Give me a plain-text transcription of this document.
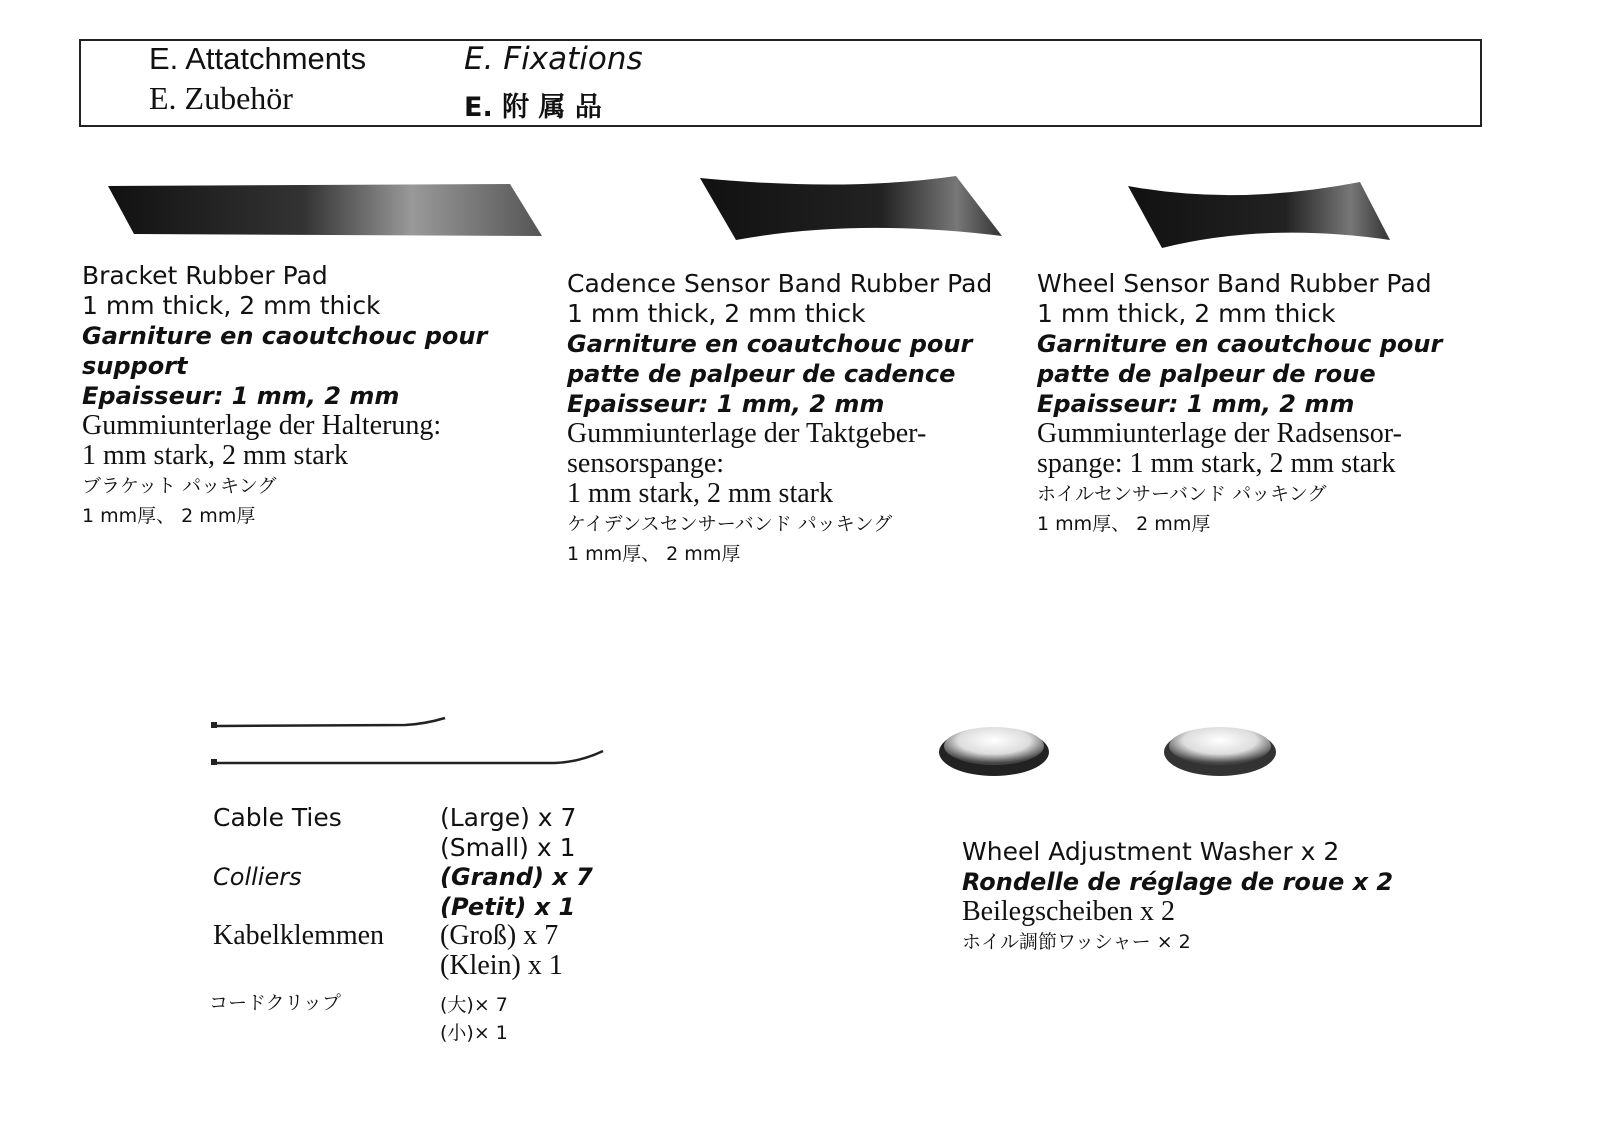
E. Attatchments	E. Fixations
E. Zubehör	E. 附 属 品
Bracket Rubber Pad
1 mm thick, 2 mm thick
Garniture en caoutchouc pour
support
Epaisseur: 1 mm, 2 mm
Gummiunterlage der Halterung:
1 mm stark, 2 mm stark
ブラケット パッキング
1 mm厚、 2 mm厚
Cadence Sensor Band Rubber Pad
1 mm thick, 2 mm thick
Garniture en coautchouc pour
patte de palpeur de cadence
Epaisseur: 1 mm, 2 mm
Gummiunterlage der Taktgeber-
sensorspange:
1 mm stark, 2 mm stark
ケイデンスセンサーバンド パッキング
1 mm厚、 2 mm厚
Wheel Sensor Band Rubber Pad
1 mm thick, 2 mm thick
Garniture en caoutchouc pour
patte de palpeur de roue
Epaisseur: 1 mm, 2 mm
Gummiunterlage der Radsensor-
spange: 1 mm stark, 2 mm stark
ホイルセンサーバンド パッキング
1 mm厚、 2 mm厚
Cable Ties	(Large) x 7
(Small) x 1
Colliers	(Grand) x 7
(Petit) x 1
Kabelklemmen (Groß) x 7
(Klein) x 1
コードクリップ	(大)× 7
(小)× 1
Wheel Adjustment Washer x 2
Rondelle de réglage de roue x 2
Beilegscheiben x 2
ホイル調節ワッシャー × 2
